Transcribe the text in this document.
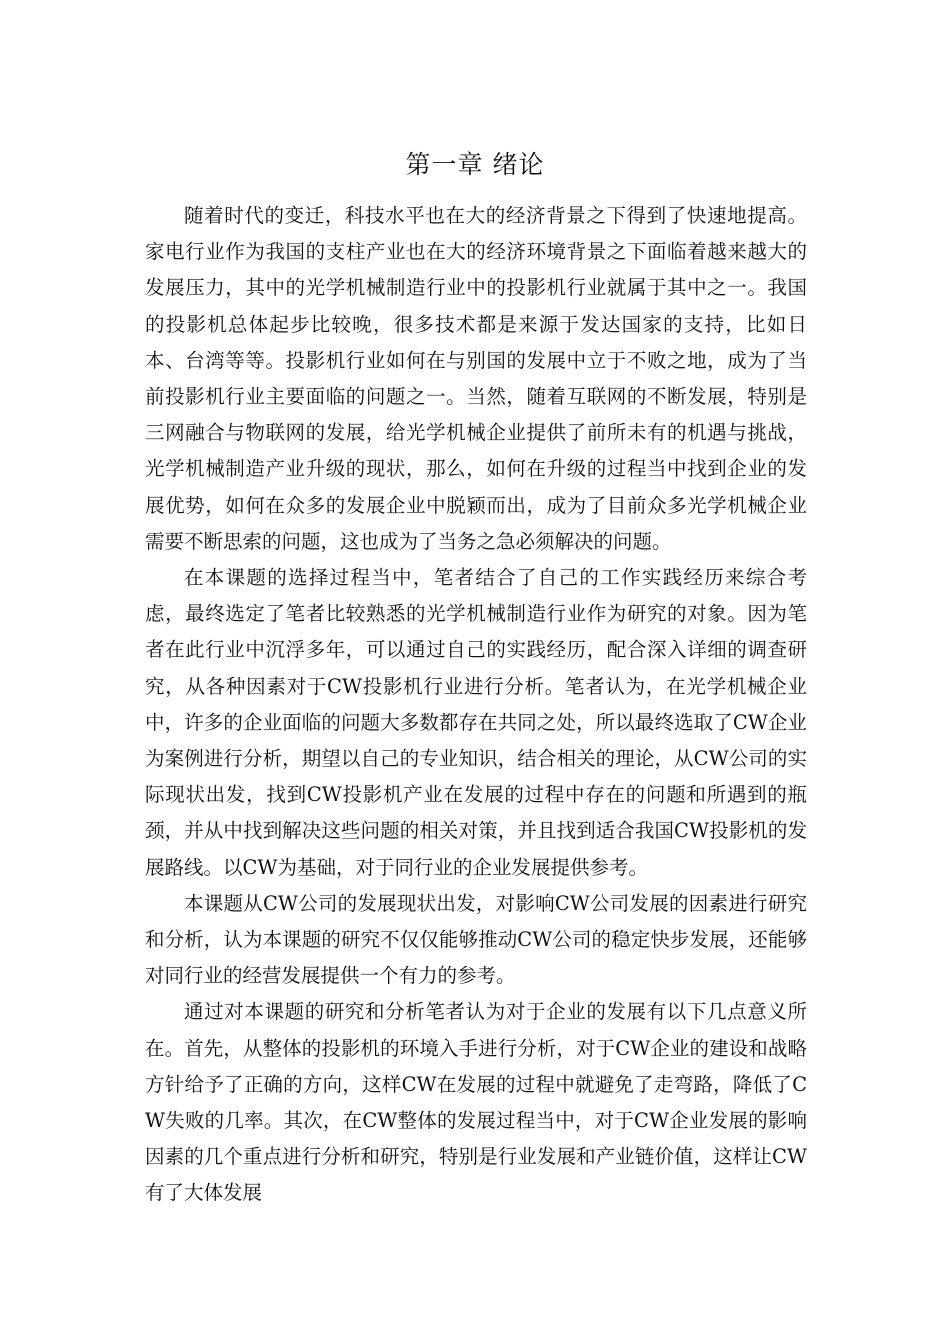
第一章 绪论

随着时代的变迁，科技水平也在大的经济背景之下得到了快速地提高。家电行业作为我国的支柱产业也在大的经济环境背景之下面临着越来越大的发展压力，其中的光学机械制造行业中的投影机行业就属于其中之一。我国的投影机总体起步比较晚，很多技术都是来源于发达国家的支持，比如日本、台湾等等。投影机行业如何在与别国的发展中立于不败之地，成为了当前投影机行业主要面临的问题之一。当然，随着互联网的不断发展，特别是三网融合与物联网的发展，给光学机械企业提供了前所未有的机遇与挑战，光学机械制造产业升级的现状，那么，如何在升级的过程当中找到企业的发展优势，如何在众多的发展企业中脱颖而出，成为了目前众多光学机械企业需要不断思索的问题，这也成为了当务之急必须解决的问题。

在本课题的选择过程当中，笔者结合了自己的工作实践经历来综合考虑，最终选定了笔者比较熟悉的光学机械制造行业作为研究的对象。因为笔者在此行业中沉浮多年，可以通过自己的实践经历，配合深入详细的调查研究，从各种因素对于CW投影机行业进行分析。笔者认为，在光学机械企业中，许多的企业面临的问题大多数都存在共同之处，所以最终选取了CW企业为案例进行分析，期望以自己的专业知识，结合相关的理论，从CW公司的实际现状出发，找到CW投影机产业在发展的过程中存在的问题和所遇到的瓶颈，并从中找到解决这些问题的相关对策，并且找到适合我国CW投影机的发展路线。以CW为基础，对于同行业的企业发展提供参考。

本课题从CW公司的发展现状出发，对影响CW公司发展的因素进行研究和分析，认为本课题的研究不仅仅能够推动CW公司的稳定快步发展，还能够对同行业的经营发展提供一个有力的参考。

通过对本课题的研究和分析笔者认为对于企业的发展有以下几点意义所在。首先，从整体的投影机的环境入手进行分析，对于CW企业的建设和战略方针给予了正确的方向，这样CW在发展的过程中就避免了走弯路，降低了CW失败的几率。其次，在CW整体的发展过程当中，对于CW企业发展的影响因素的几个重点进行分析和研究，特别是行业发展和产业链价值，这样让CW有了大体发展
